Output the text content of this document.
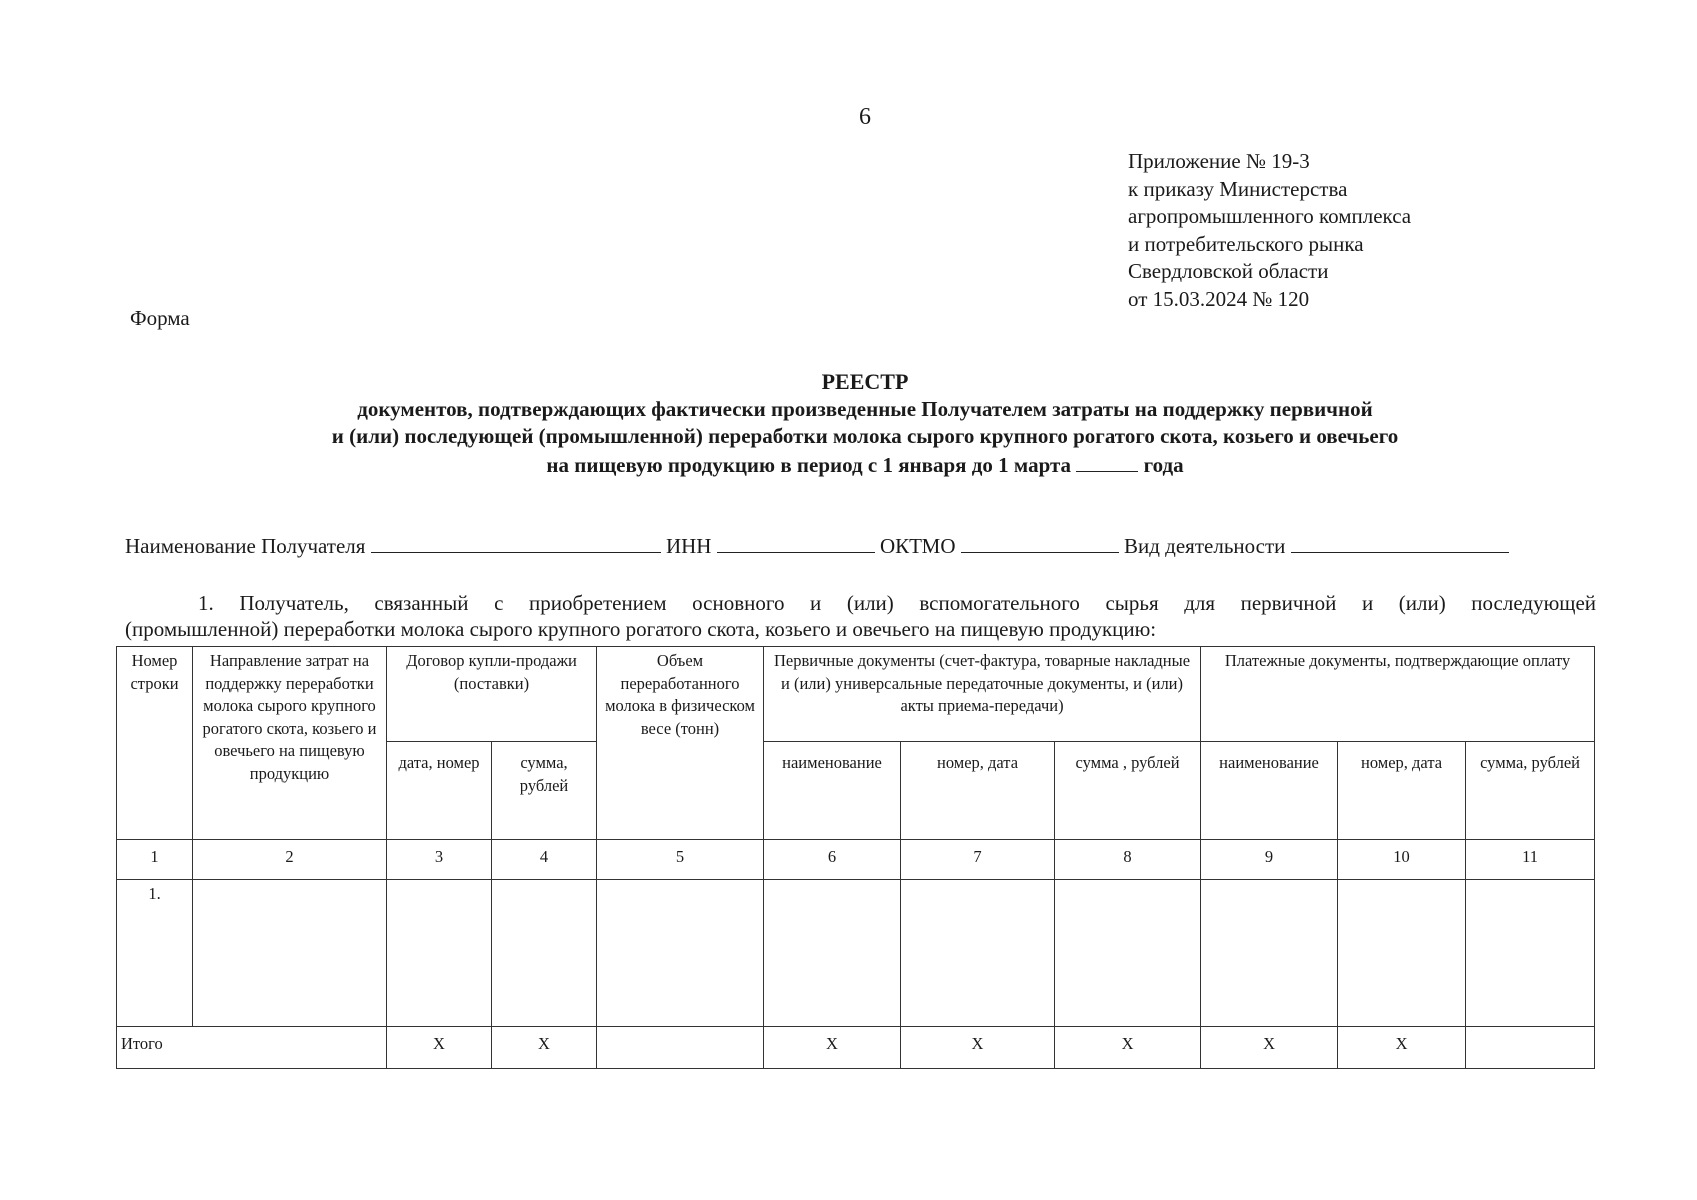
6
Приложение № 19-3
к приказу Министерства
агропромышленного комплекса
и потребительского рынка
Свердловской области
от 15.03.2024 № 120
Форма
РЕЕСТР
документов, подтверждающих фактически произведенные Получателем затраты на поддержку первичной
и (или) последующей (промышленной) переработки молока сырого крупного рогатого скота, козьего и овечьего
на пищевую продукцию в период с 1 января до 1 марта	года
Наименование Получателя	ИНН	ОКТМО	Вид деятельности
1. Получатель, связанный с приобретением основного и (или) вспомогательного сырья для первичной и (или) последующей
(промышленной) переработки молока сырого крупного рогатого скота, козьего и овечьего на пищевую продукцию:
Номер строки	Направление затрат на поддержку переработки молока сырого крупного рогатого скота, козьего и овечьего на пищевую продукцию	Договор купли-продажи (поставки)		Объем переработанного молока в физическом весе (тонн)	Первичные документы (счет-фактура, товарные накладные и (или) универсальные передаточные документы, и (или) акты приема-передачи)			Платежные документы, подтверждающие оплату		
		дата, номер	сумма, рублей		наименование	номер, дата	сумма , рублей	наименование	номер, дата	сумма, рублей
1	2	3	4	5	6	7	8	9	10	11
1.										
Итого		X	X		X	X	X	X	X	
